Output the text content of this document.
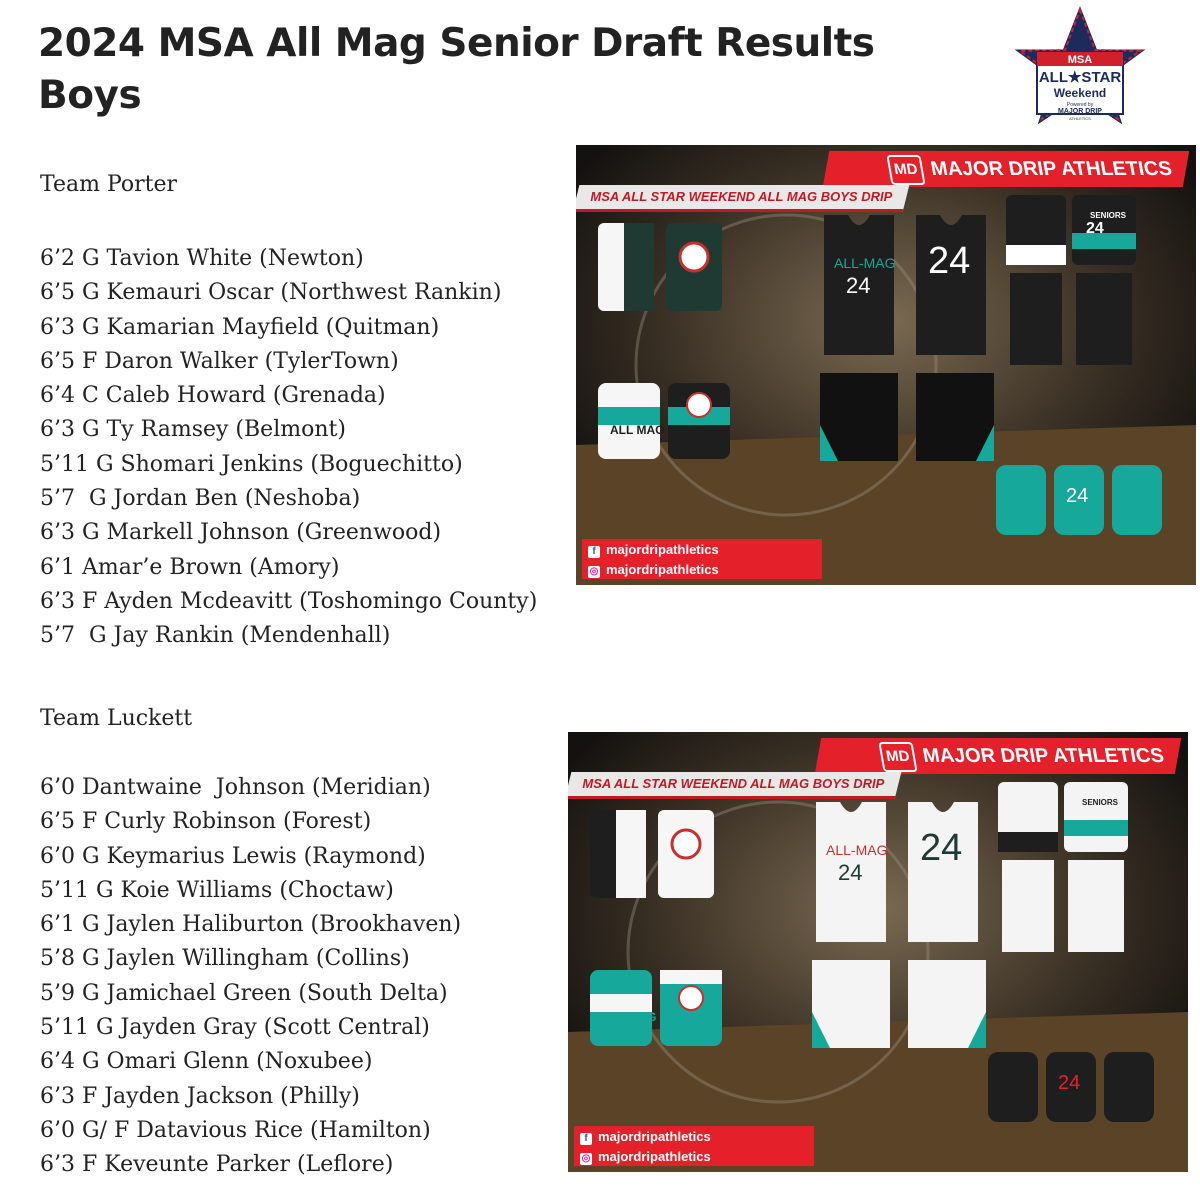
2024 MSA All Mag Senior Draft Results
Boys
MSA
ALL★STAR
Weekend
Powered by
MAJOR DRIP
ATHLETICS
Team Porter
6’2 G Tavion White (Newton)
6’5 G Kemauri Oscar (Northwest Rankin)
6’3 G Kamarian Mayfield (Quitman)
6’5 F Daron Walker (TylerTown)
6’4 C Caleb Howard (Grenada)
6’3 G Ty Ramsey (Belmont)
5’11 G Shomari Jenkins (Boguechitto)
5’7  G Jordan Ben (Neshoba)
6’3 G Markell Johnson (Greenwood)
6’1 Amar’e Brown (Amory)
6’3 F Ayden Mcdeavitt (Toshomingo County)
5’7  G Jay Rankin (Mendenhall)
Team Luckett
6’0 Dantwaine  Johnson (Meridian)
6’5 F Curly Robinson (Forest)
6’0 G Keymarius Lewis (Raymond)
5’11 G Koie Williams (Choctaw)
6’1 G Jaylen Haliburton (Brookhaven)
5’8 G Jaylen Willingham (Collins)
5’9 G Jamichael Green (South Delta)
5’11 G Jayden Gray (Scott Central)
6’4 G Omari Glenn (Noxubee)
6’3 F Jayden Jackson (Philly)
6’0 G/ F Datavious Rice (Hamilton)
6’3 F Keveunte Parker (Leflore)
MD MAJOR DRIP ATHLETICS
MSA ALL STAR WEEKEND ALL MAG BOYS DRIP
ALL-MAG
24
24
ALL MAG
SENIORS
24
24
f majordripathletics
◎ majordripathletics
MD MAJOR DRIP ATHLETICS
MSA ALL STAR WEEKEND ALL MAG BOYS DRIP
ALL-MAG
24
24
ALL MAG
SENIORS
24
f majordripathletics
◎ majordripathletics
